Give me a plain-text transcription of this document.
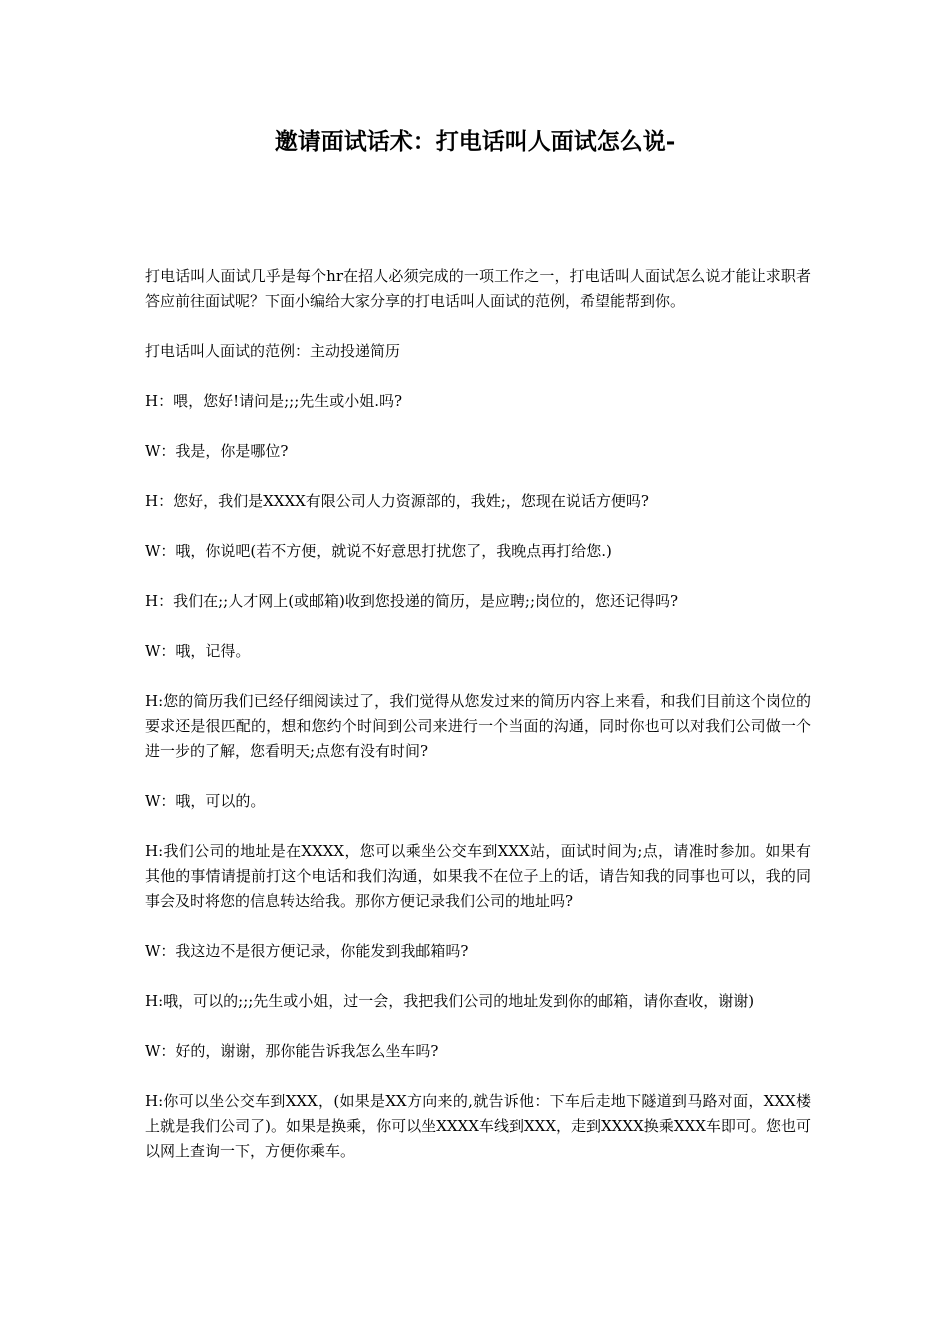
邀请面试话术：打电话叫人面试怎么说-

打电话叫人面试几乎是每个hr在招人必须完成的一项工作之一，打电话叫人面试怎么说才能让求职者答应前往面试呢？下面小编给大家分享的打电话叫人面试的范例，希望能帮到你。

打电话叫人面试的范例：主动投递简历

H：喂，您好!请问是;;;先生或小姐.吗?

W：我是，你是哪位?

H：您好，我们是XXXX有限公司人力资源部的，我姓;，您现在说话方便吗?

W：哦，你说吧(若不方便，就说不好意思打扰您了，我晚点再打给您.)

H：我们在;;人才网上(或邮箱)收到您投递的简历，是应聘;;岗位的，您还记得吗?

W：哦，记得。

H:您的简历我们已经仔细阅读过了，我们觉得从您发过来的简历内容上来看，和我们目前这个岗位的要求还是很匹配的，想和您约个时间到公司来进行一个当面的沟通，同时你也可以对我们公司做一个进一步的了解，您看明天;点您有没有时间?

W：哦，可以的。

H:我们公司的地址是在XXXX，您可以乘坐公交车到XXX站，面试时间为;点，请准时参加。如果有其他的事情请提前打这个电话和我们沟通，如果我不在位子上的话，请告知我的同事也可以，我的同事会及时将您的信息转达给我。那你方便记录我们公司的地址吗?

W：我这边不是很方便记录，你能发到我邮箱吗?

H:哦，可以的;;;先生或小姐，过一会，我把我们公司的地址发到你的邮箱，请你查收，谢谢)

W：好的，谢谢，那你能告诉我怎么坐车吗?

H:你可以坐公交车到XXX，(如果是XX方向来的,就告诉他：下车后走地下隧道到马路对面，XXX楼上就是我们公司了)。如果是换乘，你可以坐XXXX车线到XXX，走到XXXX换乘XXX车即可。您也可以网上查询一下，方便你乘车。
